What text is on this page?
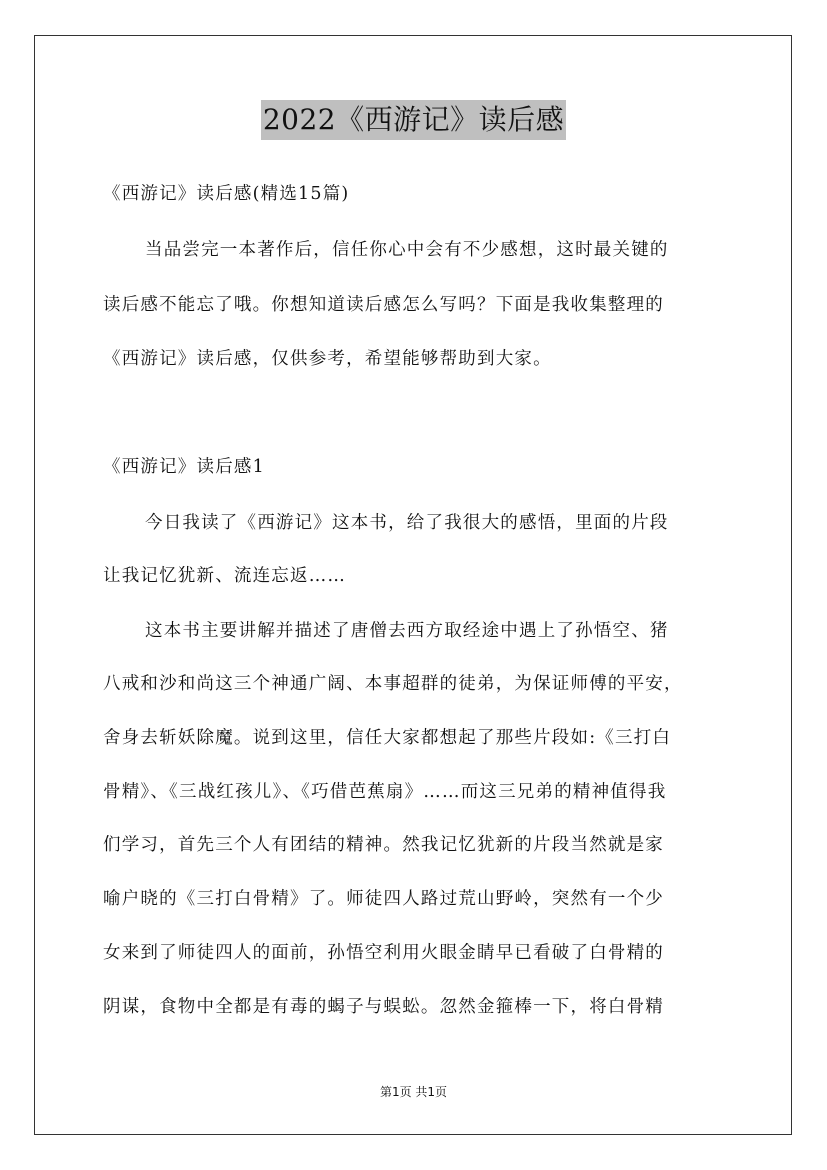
2022《西游记》读后感
《西游记》读后感(精选15篇)
当品尝完一本著作后，信任你心中会有不少感想，这时最关键的
读后感不能忘了哦。你想知道读后感怎么写吗？下面是我收集整理的
《西游记》读后感，仅供参考，希望能够帮助到大家。
《西游记》读后感1
今日我读了《西游记》这本书，给了我很大的感悟，里面的片段
让我记忆犹新、流连忘返……
这本书主要讲解并描述了唐僧去西方取经途中遇上了孙悟空、猪
八戒和沙和尚这三个神通广阔、本事超群的徒弟，为保证师傅的平安，
舍身去斩妖除魔。说到这里，信任大家都想起了那些片段如:《三打白
骨精》、《三战红孩儿》、《巧借芭蕉扇》……而这三兄弟的精神值得我
们学习，首先三个人有团结的精神。然我记忆犹新的片段当然就是家
喻户晓的《三打白骨精》了。师徒四人路过荒山野岭，突然有一个少
女来到了师徒四人的面前，孙悟空利用火眼金睛早已看破了白骨精的
阴谋，食物中全都是有毒的蝎子与蜈蚣。忽然金箍棒一下，将白骨精
第1页 共1页
